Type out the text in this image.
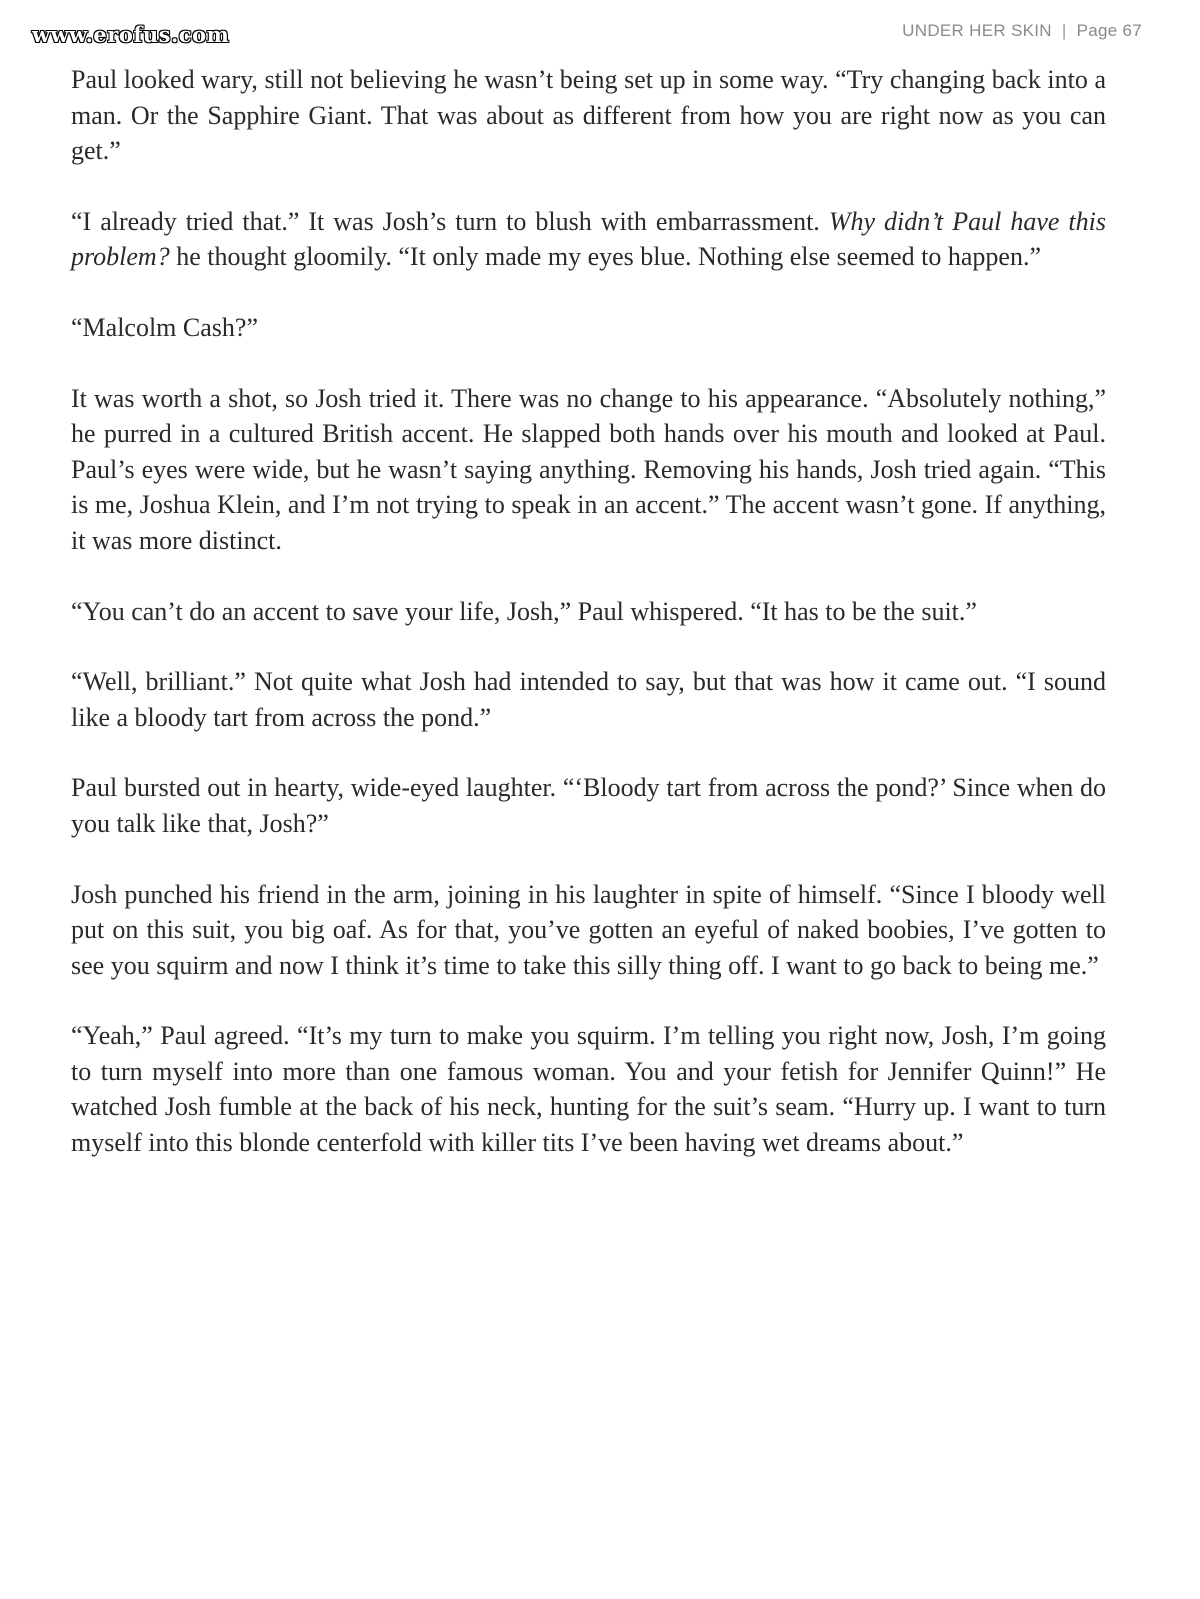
www.erofus.com	UNDER HER SKIN | Page 67

Paul looked wary, still not believing he wasn’t being set up in some way. “Try changing back into a man. Or the Sapphire Giant. That was about as different from how you are right now as you can get.”

“I already tried that.” It was Josh’s turn to blush with embarrassment. Why didn’t Paul have this problem? he thought gloomily. “It only made my eyes blue. Nothing else seemed to happen.”

“Malcolm Cash?”

It was worth a shot, so Josh tried it. There was no change to his appearance. “Absolutely nothing,” he purred in a cultured British accent. He slapped both hands over his mouth and looked at Paul. Paul’s eyes were wide, but he wasn’t saying anything. Removing his hands, Josh tried again. “This is me, Joshua Klein, and I’m not trying to speak in an accent.” The accent wasn’t gone. If anything, it was more distinct.

“You can’t do an accent to save your life, Josh,” Paul whispered. “It has to be the suit.”

“Well, brilliant.” Not quite what Josh had intended to say, but that was how it came out. “I sound like a bloody tart from across the pond.”

Paul bursted out in hearty, wide-eyed laughter. “‘Bloody tart from across the pond?’ Since when do you talk like that, Josh?”

Josh punched his friend in the arm, joining in his laughter in spite of himself. “Since I bloody well put on this suit, you big oaf. As for that, you’ve gotten an eyeful of naked boobies, I’ve gotten to see you squirm and now I think it’s time to take this silly thing off. I want to go back to being me.”

“Yeah,” Paul agreed. “It’s my turn to make you squirm. I’m telling you right now, Josh, I’m going to turn myself into more than one famous woman. You and your fetish for Jennifer Quinn!” He watched Josh fumble at the back of his neck, hunting for the suit’s seam. “Hurry up. I want to turn myself into this blonde centerfold with killer tits I’ve been having wet dreams about.”
